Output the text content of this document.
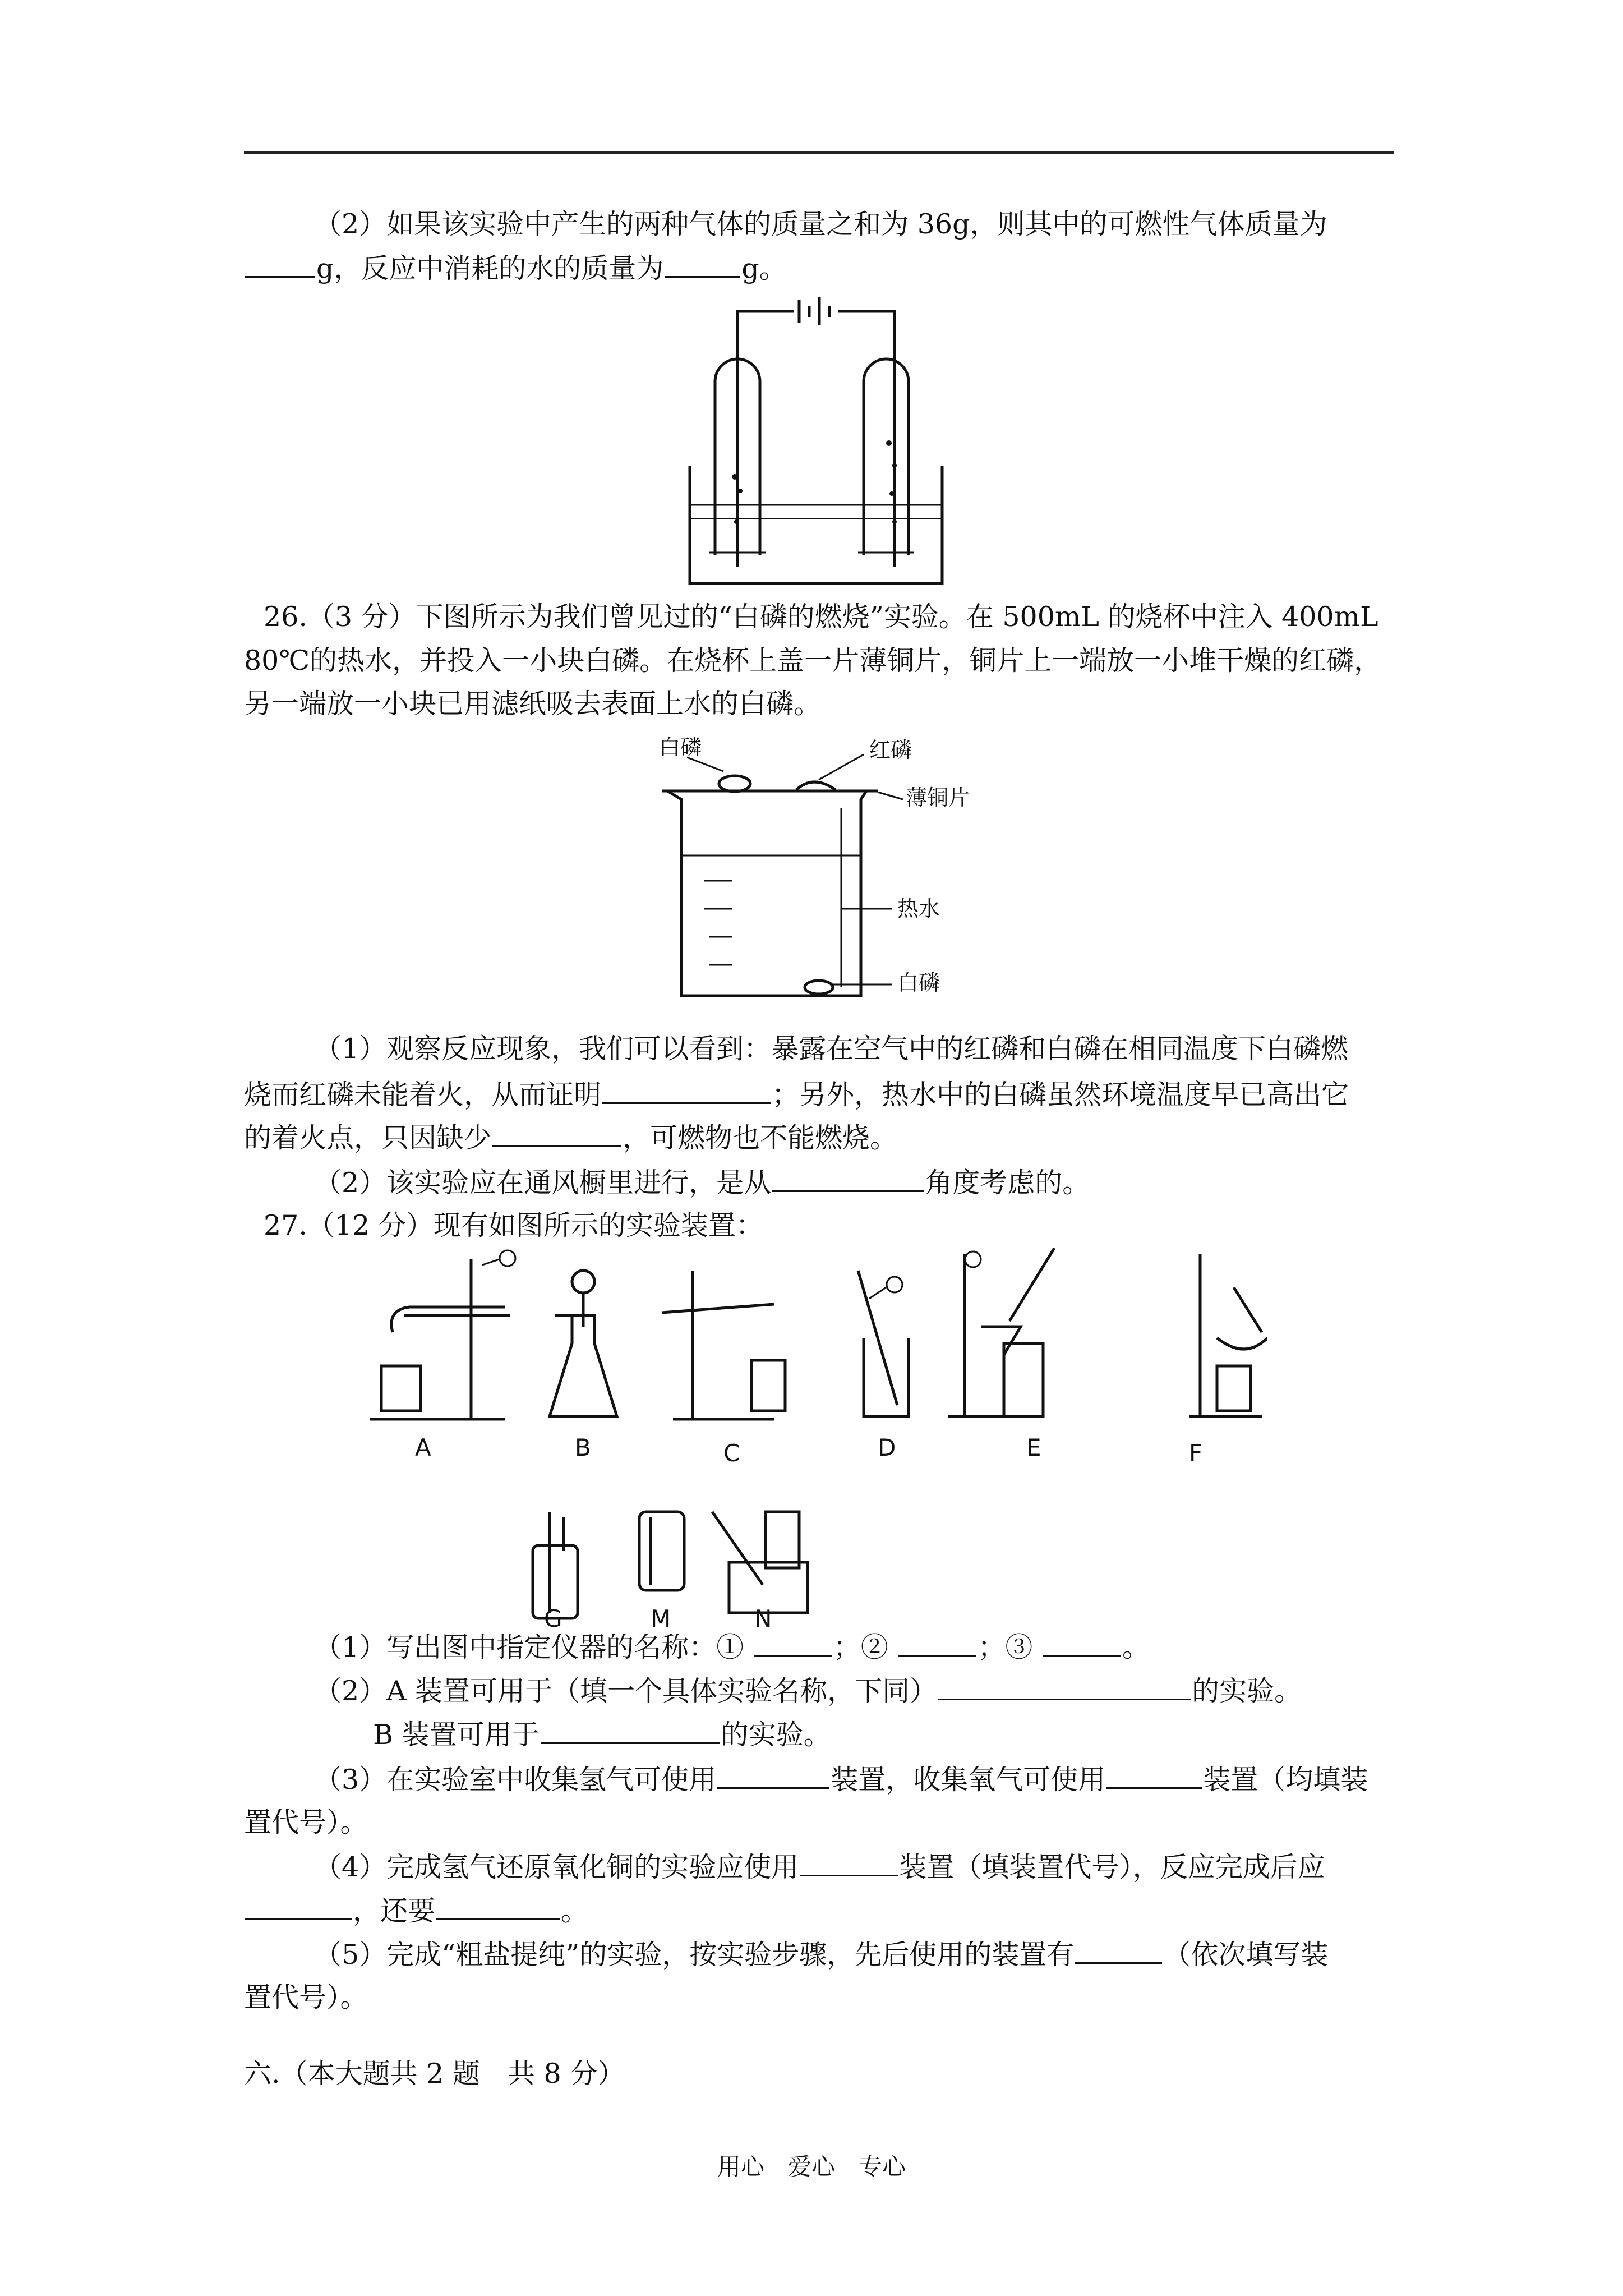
（2）如果该实验中产生的两种气体的质量之和为 36g，则其中的可燃性气体质量为
g，反应中消耗的水的质量为	g。
26.（3 分）下图所示为我们曾见过的“白磷的燃烧”实验。在 500mL 的烧杯中注入 400mL
80℃的热水，并投入一小块白磷。在烧杯上盖一片薄铜片，铜片上一端放一小堆干燥的红磷，
另一端放一小块已用滤纸吸去表面上水的白磷。
白磷	红磷
薄铜片
热水
白磷
（1）观察反应现象，我们可以看到：暴露在空气中的红磷和白磷在相同温度下白磷燃
烧而红磷未能着火，从而证明	；另外，热水中的白磷虽然环境温度早已高出它
的着火点，只因缺少	，可燃物也不能燃烧。
（2）该实验应在通风橱里进行，是从	角度考虑的。
27.（12 分）现有如图所示的实验装置：
A	B	C	D	E	F
G	M	N
（1）写出图中指定仪器的名称：①	；②	；③	。
（2）A 装置可用于（填一个具体实验名称，下同）	的实验。
B 装置可用于	的实验。
（3）在实验室中收集氢气可使用	装置，收集氧气可使用	装置（均填装
置代号）。
（4）完成氢气还原氧化铜的实验应使用	装置（填装置代号），反应完成后应
，还要	。
（5）完成“粗盐提纯”的实验，按实验步骤，先后使用的装置有	（依次填写装
置代号）。
六.（本大题共 2 题　共 8 分）
用心　爱心　专心
